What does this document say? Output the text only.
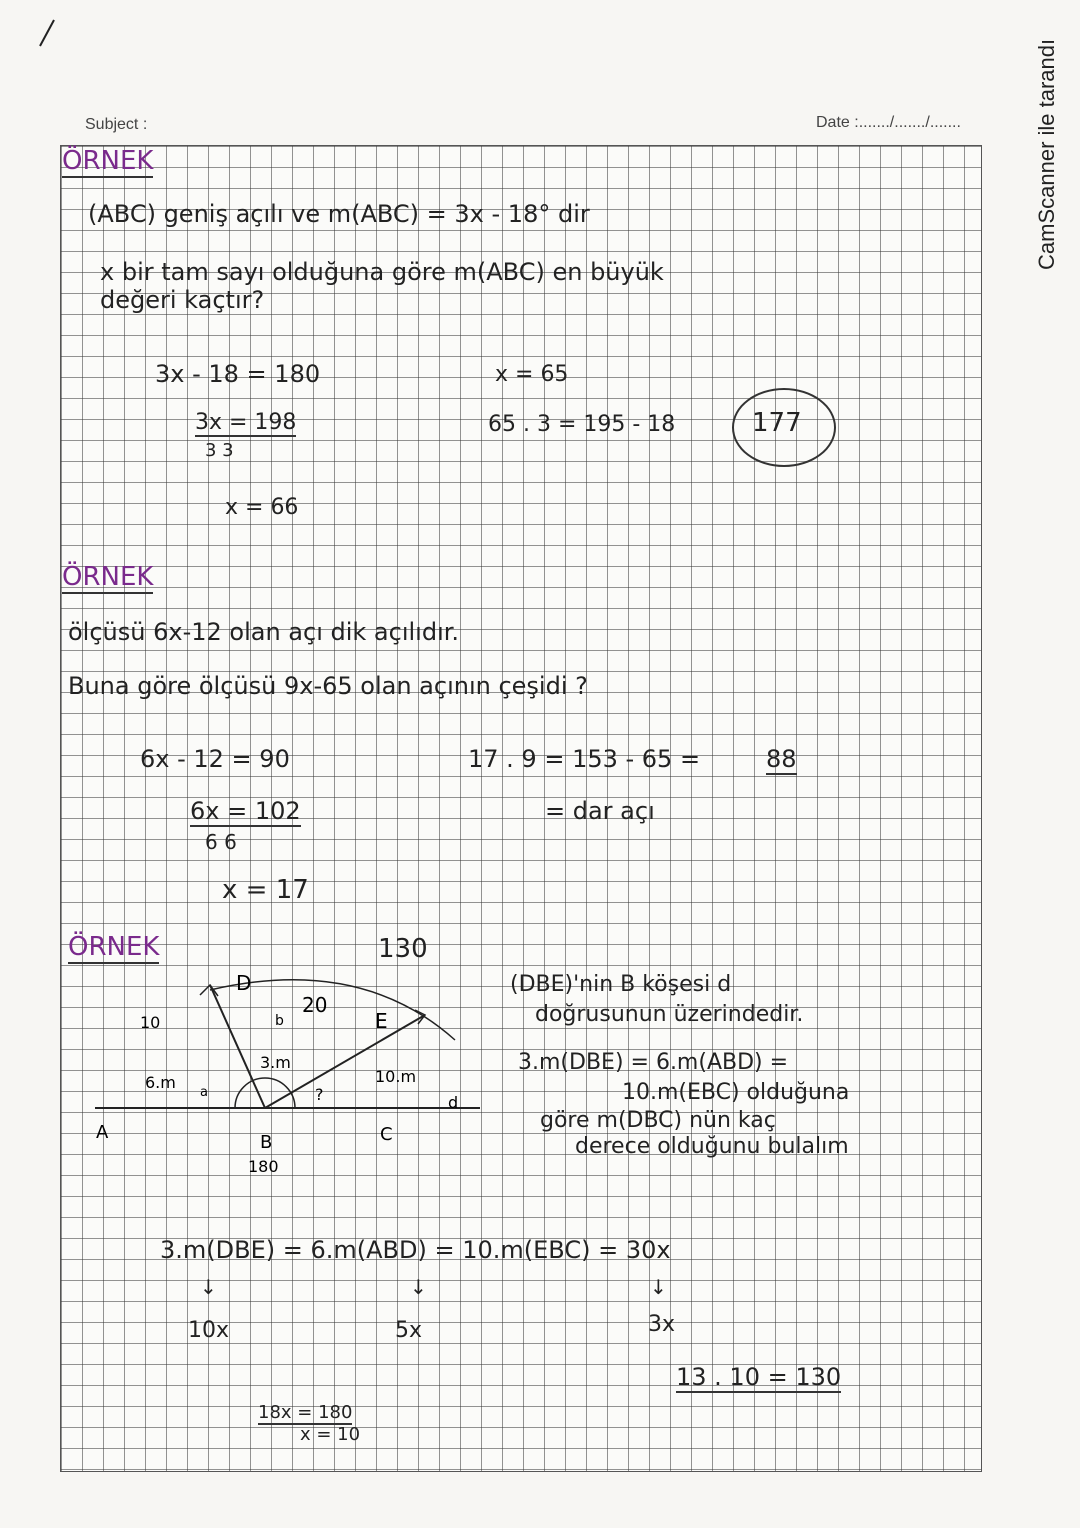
Subject :	Date :......./......./.......	CamScanner ile tarandı
ÖRNEK
(ABC) geniş açılı ve m(ABC) = 3x - 18° dir
x bir tam sayı olduğuna göre m(ABC) en büyük
değeri kaçtır?
3x - 18 = 180
3x = 198
3 3
x = 66
x = 65
65 . 3 = 195 - 18	177
ÖRNEK
ölçüsü 6x-12 olan açı dik açılıdır.
Buna göre ölçüsü 9x-65 olan açının çeşidi ?
6x - 12 = 90
6x = 102
6 6
x = 17
17 . 9 = 153 - 65 =	88
= dar açı
ÖRNEK
D
E
A	B	C
10
20
6.m
3.m
10.m
?
180
b
d
a
130
(DBE)'nin B köşesi d
doğrusunun üzerindedir.
3.m(DBE) = 6.m(ABD) =
10.m(EBC) olduğuna
göre m(DBC) nün kaç
derece olduğunu bulalım
3.m(DBE) = 6.m(ABD) = 10.m(EBC) = 30x
↓	↓	↓
10x	5x	3x
18x = 180
x = 10
13 . 10 = 130
